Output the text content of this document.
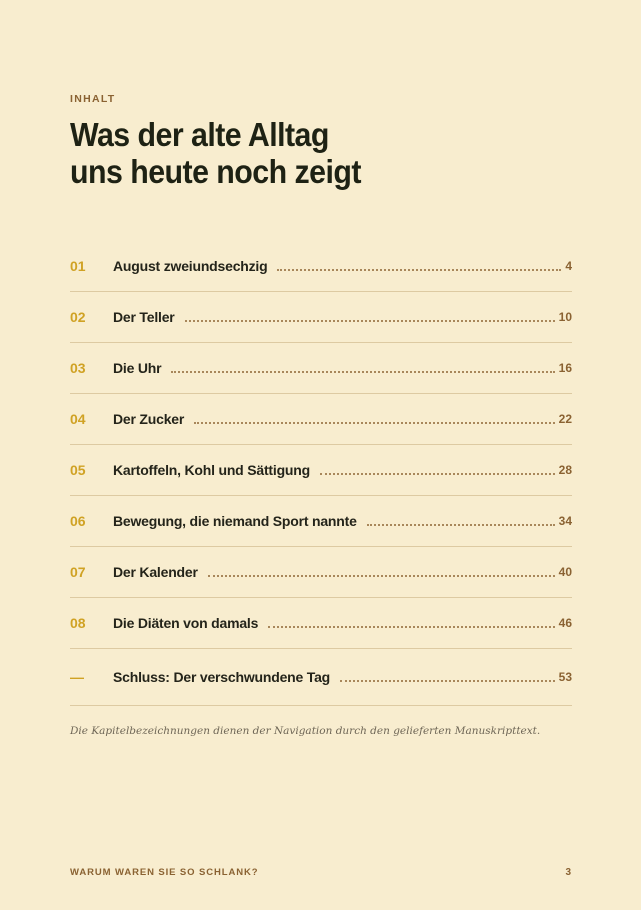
INHALT
Was der alte Alltag
uns heute noch zeigt
01	August zweiundsechzig	4
02	Der Teller	10
03	Die Uhr	16
04	Der Zucker	22
05	Kartoffeln, Kohl und Sättigung	28
06	Bewegung, die niemand Sport nannte	34
07	Der Kalender	40
08	Die Diäten von damals	46
—	Schluss: Der verschwundene Tag	53
Die Kapitelbezeichnungen dienen der Navigation durch den gelieferten Manuskripttext.
WARUM WAREN SIE SO SCHLANK?	3
